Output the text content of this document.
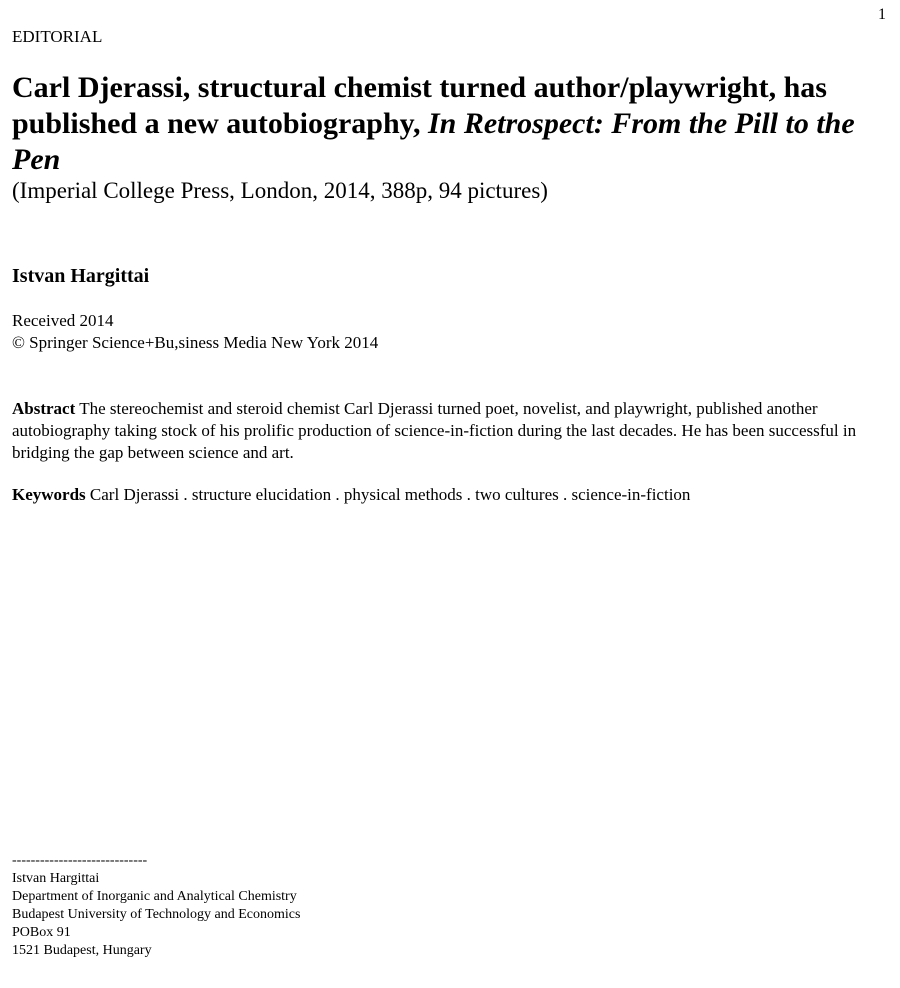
1
EDITORIAL
Carl Djerassi, structural chemist turned author/playwright, has published a new autobiography, In Retrospect: From the Pill to the Pen
(Imperial College Press, London, 2014, 388p, 94 pictures)
Istvan Hargittai
Received 2014
© Springer Science+Bu,siness Media New York 2014

Abstract The stereochemist and steroid chemist Carl Djerassi turned poet, novelist, and playwright, published another autobiography taking stock of his prolific production of science-in-fiction during the last decades. He has been successful in bridging the gap between science and art.

Keywords Carl Djerassi . structure elucidation . physical methods . two cultures . science-in-fiction

-----------------------------
Istvan Hargittai
Department of Inorganic and Analytical Chemistry
Budapest University of Technology and Economics
POBox 91
1521 Budapest, Hungary
